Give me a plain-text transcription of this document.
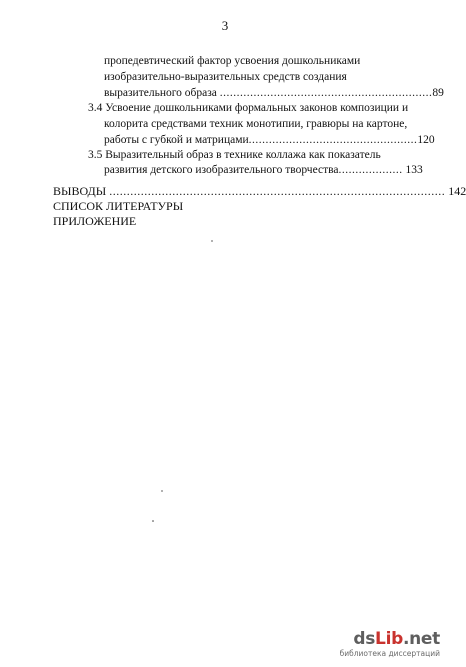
3
пропедевтический фактор усвоения дошкольниками
изобразительно-выразительных средств создания
выразительного образа ...............................................................89
3.4 Усвоение дошкольниками формальных законов композиции и
колорита средствами техник монотипии, гравюры на картоне,
работы с губкой и матрицами..................................................120
3.5 Выразительный образ в технике коллажа как показатель
развития детского изобразительного творчества................... 133
ВЫВОДЫ ................................................................................................ 142
СПИСОК ЛИТЕРАТУРЫ
ПРИЛОЖЕНИЕ
dsLib.net
библиотека диссертаций
